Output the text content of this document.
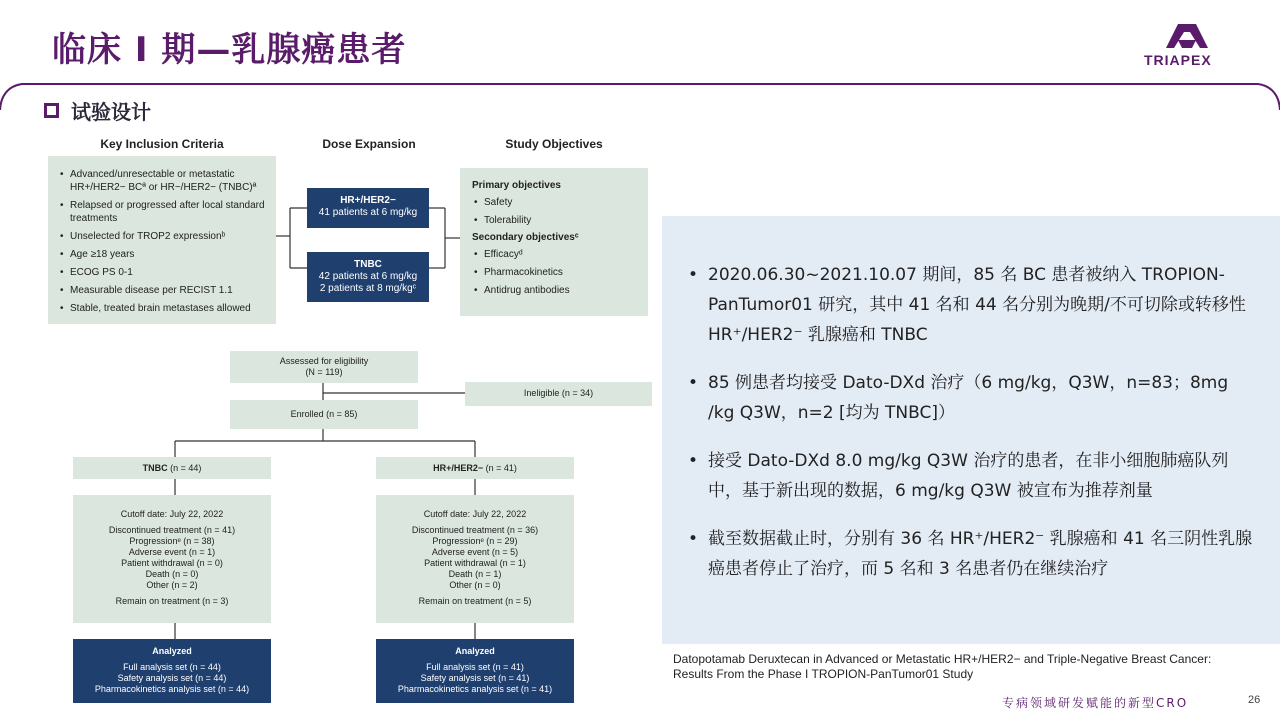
临床 I 期—乳腺癌患者	TRIAPEX
试验设计
Key Inclusion Criteria	Dose Expansion	Study Objectives
• Advanced/unresectable or metastatic HR+/HER2− BCª or HR−/HER2− (TNBC)ª
• Relapsed or progressed after local standard treatments
• Unselected for TROP2 expressionᵇ
• Age ≥18 years
• ECOG PS 0-1
• Measurable disease per RECIST 1.1
• Stable, treated brain metastases allowed
HR+/HER2−
41 patients at 6 mg/kg
TNBC
42 patients at 6 mg/kg
2 patients at 8 mg/kgᶜ
Primary objectives
• Safety
• Tolerability
Secondary objectivesᶜ
• Efficacyᵈ
• Pharmacokinetics
• Antidrug antibodies
Assessed for eligibility
(N = 119)
Ineligible (n = 34)
Enrolled (n = 85)
TNBC (n = 44)
Cutoff date: July 22, 2022
Discontinued treatment (n = 41)
Progressionᵉ (n = 38)
Adverse event (n = 1)
Patient withdrawal (n = 0)
Death (n = 0)
Other (n = 2)
Remain on treatment (n = 3)
Analyzed
Full analysis set (n = 44)
Safety analysis set (n = 44)
Pharmacokinetics analysis set (n = 44)
HR+/HER2− (n = 41)
Cutoff date: July 22, 2022
Discontinued treatment (n = 36)
Progressionᵉ (n = 29)
Adverse event (n = 5)
Patient withdrawal (n = 1)
Death (n = 1)
Other (n = 0)
Remain on treatment (n = 5)
Analyzed
Full analysis set (n = 41)
Safety analysis set (n = 41)
Pharmacokinetics analysis set (n = 41)
• 2020.06.30~2021.10.07 期间，85 名 BC 患者被纳入 TROPION-PanTumor01 研究，其中 41 名和 44 名分别为晚期/不可切除或转移性 HR⁺/HER2⁻ 乳腺癌和 TNBC
• 85 例患者均接受 Dato-DXd 治疗（6 mg/kg，Q3W，n=83；8mg /kg Q3W，n=2 [均为 TNBC]）
• 接受 Dato-DXd 8.0 mg/kg Q3W 治疗的患者，在非小细胞肺癌队列中，基于新出现的数据，6 mg/kg Q3W 被宣布为推荐剂量
• 截至数据截止时，分别有 36 名 HR⁺/HER2⁻ 乳腺癌和 41 名三阴性乳腺癌患者停止了治疗，而 5 名和 3 名患者仍在继续治疗
Datopotamab Deruxtecan in Advanced or Metastatic HR+/HER2− and Triple-Negative Breast Cancer: Results From the Phase I TROPION-PanTumor01 Study
专病领域研发赋能的新型CRO	26
